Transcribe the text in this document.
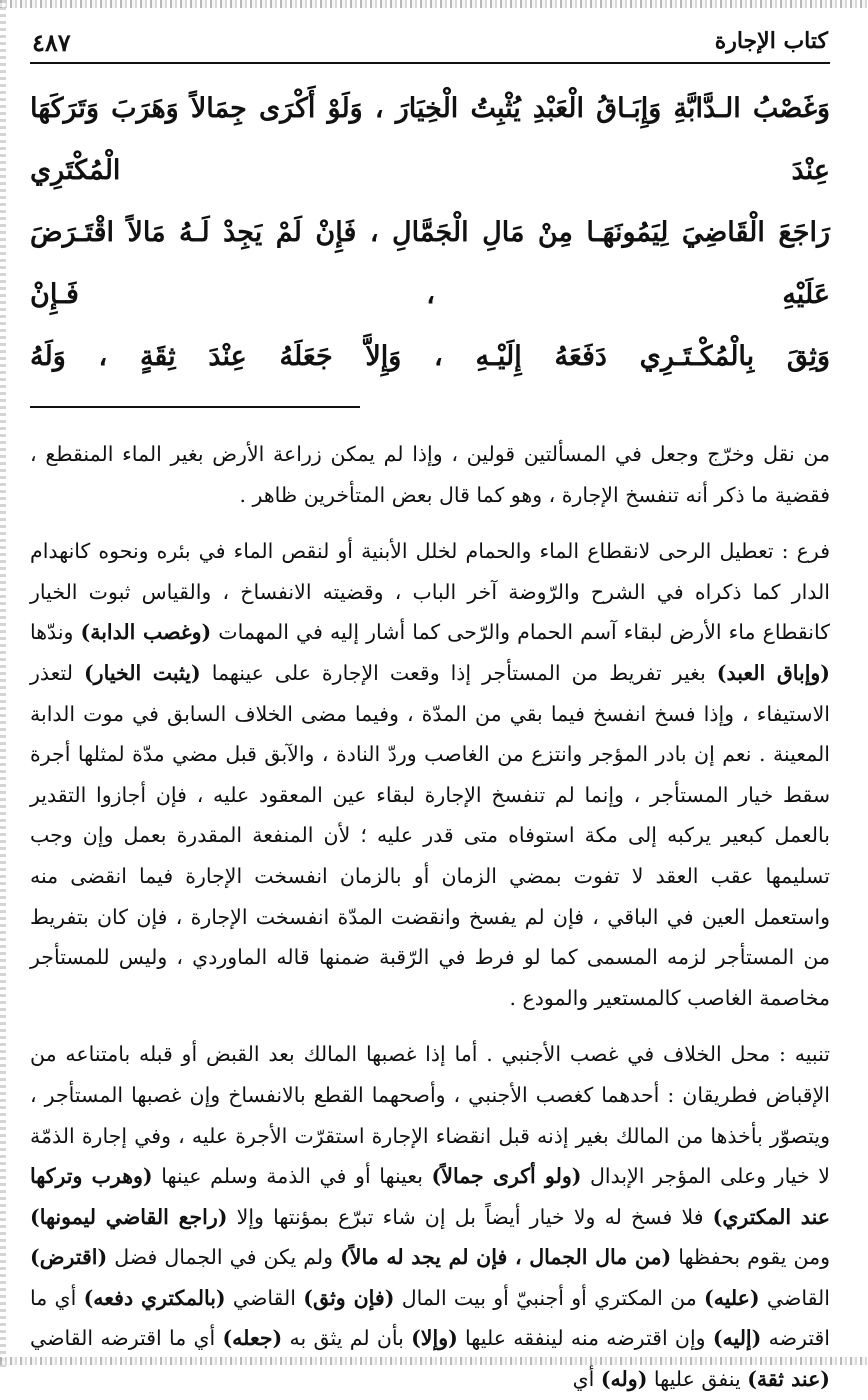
كتاب الإجارة
٤٨٧
وَغَصْبُ الـدَّابَّةِ وَإِبَـاقُ الْعَبْدِ يُثْبِتُ الْخِيَارَ ، وَلَوْ أَكْرَى جِمَالاً وَهَرَبَ وَتَرَكَهَا عِنْدَ الْمُكْتَرِي
رَاجَعَ الْقَاضِيَ لِيَمُونَهَـا مِنْ مَالِ الْجَمَّالِ ، فَإِنْ لَمْ يَجِدْ لَـهُ مَالاً اقْتَـرَضَ عَلَيْهِ ، فَـإِنْ
وَثِقَ بِالْمُكْـتَـرِي دَفَعَهُ إِلَيْـهِ ، وَإِلاَّ جَعَلَهُ عِنْدَ ثِقَةٍ ، وَلَهُ

من نقل وخرّج وجعل في المسألتين قولين ، وإذا لم يمكن زراعة الأرض بغير الماء المنقطع ، فقضية ما ذكر أنه تنفسخ الإجارة ، وهو كما قال بعض المتأخرين ظاهر .

فرع : تعطيل الرحى لانقطاع الماء والحمام لخلل الأبنية أو لنقص الماء في بئره ونحوه كانهدام الدار كما ذكراه في الشرح والرّوضة آخر الباب ، وقضيته الانفساخ ، والقياس ثبوت الخيار كانقطاع ماء الأرض لبقاء آسم الحمام والرّحى كما أشار إليه في المهمات (وغصب الدابة) وندّها (وإباق العبد) بغير تفريط من المستأجر إذا وقعت الإجارة على عينهما (يثبت الخيار) لتعذر الاستيفاء ، وإذا فسخ انفسخ فيما بقي من المدّة ، وفيما مضى الخلاف السابق في موت الدابة المعينة . نعم إن بادر المؤجر وانتزع من الغاصب وردّ النادة ، والآبق قبل مضي مدّة لمثلها أجرة سقط خيار المستأجر ، وإنما لم تنفسخ الإجارة لبقاء عين المعقود عليه ، فإن أجازوا التقدير بالعمل كبعير يركبه إلى مكة استوفاه متى قدر عليه ؛ لأن المنفعة المقدرة بعمل وإن وجب تسليمها عقب العقد لا تفوت بمضي الزمان أو بالزمان انفسخت الإجارة فيما انقضى منه واستعمل العين في الباقي ، فإن لم يفسخ وانقضت المدّة انفسخت الإجارة ، فإن كان بتفريط من المستأجر لزمه المسمى كما لو فرط في الرّقبة ضمنها قاله الماوردي ، وليس للمستأجر مخاصمة الغاصب كالمستعير والمودع .

تنبيه : محل الخلاف في غصب الأجنبي . أما إذا غصبها المالك بعد القبض أو قبله بامتناعه من الإقباض فطريقان : أحدهما كغصب الأجنبي ، وأصحهما القطع بالانفساخ وإن غصبها المستأجر ، ويتصوّر بأخذها من المالك بغير إذنه قبل انقضاء الإجارة استقرّت الأجرة عليه ، وفي إجارة الذمّة لا خيار وعلى المؤجر الإبدال (ولو أكرى جمالاً) بعينها أو في الذمة وسلم عينها (وهرب وتركها عند المكتري) فلا فسخ له ولا خيار أيضاً بل إن شاء تبرّع بمؤنتها وإلا (راجع القاضي ليمونها) ومن يقوم بحفظها (من مال الجمال ، فإن لم يجد له مالاً) ولم يكن في الجمال فضل (اقترض) القاضي (عليه) من المكتري أو أجنبيّ أو بيت المال (فإن وثق) القاضي (بالمكتري دفعه) أي ما اقترضه (إليه) وإن اقترضه منه لينفقه عليها (وإلا) بأن لم يثق به (جعله) أي ما اقترضه القاضي (عند ثقة) ينفق عليها (وله) أي
